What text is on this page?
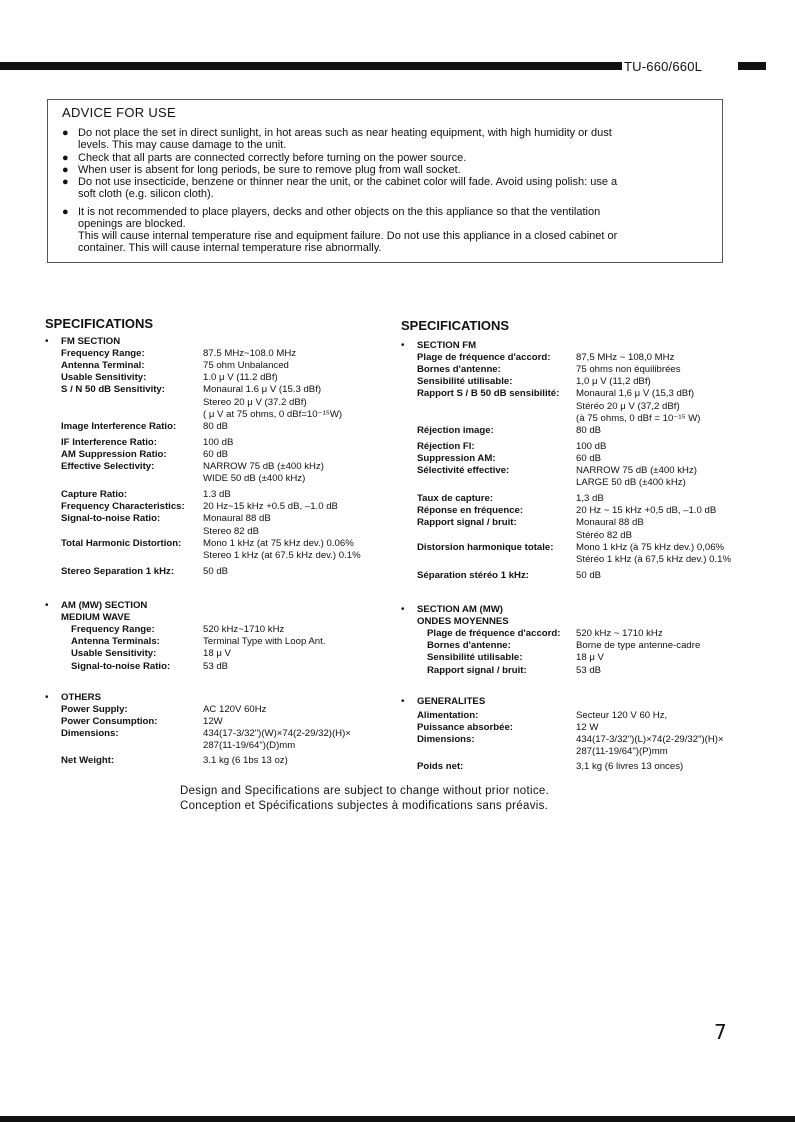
TU-660/660L
ADVICE FOR USE
● Do not place the set in direct sunlight, in hot areas such as near heating equipment, with high humidity or dust
levels. This may cause damage to the unit.
● Check that all parts are connected correctly before turning on the power source.
● When user is absent for long periods, be sure to remove plug from wall socket.
● Do not use insecticide, benzene or thinner near the unit, or the cabinet color will fade. Avoid using polish: use a
soft cloth (e.g. silicon cloth).
● It is not recommended to place players, decks and other objects on the this appliance so that the ventilation
openings are blocked.
This will cause internal temperature rise and equipment failure. Do not use this appliance in a closed cabinet or
container. This will cause internal temperature rise abnormally.
SPECIFICATIONS
• FM SECTION
Frequency Range:	87.5 MHz~108.0 MHz
Antenna Terminal:	75 ohm Unbalanced
Usable Sensitivity:	1.0 μ V (11.2 dBf)
S / N 50 dB Sensitivity:	Monaural 1.6 μ V (15.3 dBf)
Stereo 20 μ V (37.2 dBf)
( μ V at 75 ohms, 0 dBf=10⁻¹⁵W)
Image Interference Ratio:	80 dB
IF Interference Ratio:	100 dB
AM Suppression Ratio:	60 dB
Effective Selectivity:	NARROW 75 dB (±400 kHz)
WIDE 50 dB (±400 kHz)
Capture Ratio:	1.3 dB
Frequency Characteristics: 20 Hz~15 kHz +0.5 dB, –1.0 dB
Signal-to-noise Ratio:	Monaural 88 dB
Stereo 82 dB
Total Harmonic Distortion: Mono 1 kHz (at 75 kHz dev.) 0.06%
Stereo 1 kHz (at 67.5 kHz dev.) 0.1%
Stereo Separation 1 kHz:	50 dB
• AM (MW) SECTION
MEDIUM WAVE
Frequency Range:	520 kHz~1710 kHz
Antenna Terminals:	Terminal Type with Loop Ant.
Usable Sensitivity:	18 μ V
Signal-to-noise Ratio:	53 dB
• OTHERS
Power Supply:	AC 120V 60Hz
Power Consumption:	12W
Dimensions:	434(17-3/32")(W)×74(2-29/32)(H)×
287(11-19/64")(D)mm
Net Weight:	3.1 kg (6 1bs 13 oz)
SPECIFICATIONS
• SECTION FM
Plage de fréquence d'accord:	87,5 MHz ~ 108,0 MHz
Bornes d'antenne:	75 ohms non équilibrées
Sensibilité utilisable:	1,0 μ V (11,2 dBf)
Rapport S / B 50 dB sensibilité: Monaural 1,6 μ V (15,3 dBf)
Stéréo 20 μ V (37,2 dBf)
(à 75 ohms, 0 dBf = 10⁻¹⁵ W)
Réjection image:	80 dB
Réjection FI:	100 dB
Suppression AM:	60 dB
Sélectivité effective:	NARROW 75 dB (±400 kHz)
LARGE 50 dB (±400 kHz)
Taux de capture:	1,3 dB
Réponse en fréquence:	20 Hz ~ 15 kHz +0,5 dB, –1.0 dB
Rapport signal / bruit:	Monaural 88 dB
Stéréo 82 dB
Distorsion harmonique totale: Mono 1 kHz (à 75 kHz dev.) 0,06%
Stéréo 1 kHz (à 67,5 kHz dev.) 0.1%
Séparation stéréo 1 kHz:	50 dB
• SECTION AM (MW)
ONDES MOYENNES
Plage de fréquence d'accord: 520 kHz ~ 1710 kHz
Bornes d'antenne:	Borne de type antenne-cadre
Sensibilité utilisable:	18 μ V
Rapport signal / bruit:	53 dB
• GENERALITES
Alimentation:	Secteur 120 V 60 Hz,
Puissance absorbée:	12 W
Dimensions:	434(17-3/32")(L)×74(2-29/32")(H)×
287(11-19/64")(P)mm
Poids net:	3,1 kg (6 livres 13 onces)
Design and Specifications are subject to change without prior notice.
Conception et Spécifications subjectes à modifications sans préavis.
7
